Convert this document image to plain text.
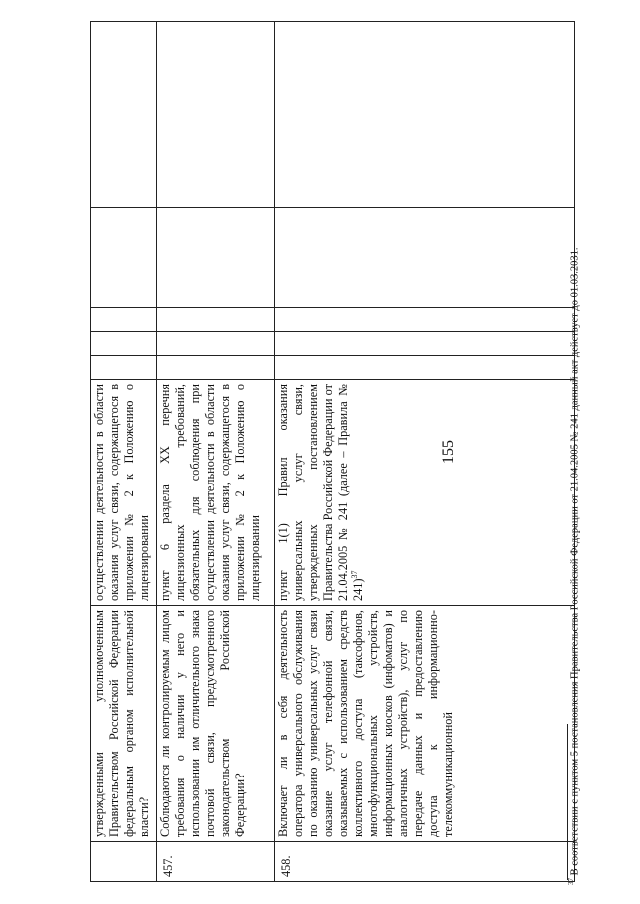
155
	утвержденными уполномоченным Правительством Российской Федерации федеральным органом исполнительной власти?	осуществлении деятельности в области оказания услуг связи, содержащегося в приложении № 2 к Положению о лицензировании					
457.	Соблюдаются ли контролируемым лицом требования о наличии у него и использовании им отличительного знака почтовой связи, предусмотренного законодательством Российской Федерации?	пункт 6 раздела XX перечня лицензионных требований, обязательных для соблюдения при осуществлении деятельности в области оказания услуг связи, содержащегося в приложении № 2 к Положению о лицензировании					
458.	Включает ли в себя деятельность оператора универсального обслуживания по оказанию универсальных услуг связи оказание услуг телефонной связи, оказываемых с использованием средств коллективного доступа (таксофонов, многофункциональных устройств, информационных киосков (инфоматов) и аналогичных устройств), услуг по передаче данных и предоставлению доступа к информационно-телекоммуникационной	пункт 1(1) Правил оказания универсальных услуг связи, утвержденных постановлением Правительства Российской Федерации от 21.04.2005 № 241 (далее – Правила № 241)$^{37}$					
$^{37}$ В соответствии с пунктом 5 постановления Правительства Российской Федерации от 21.04.2005 № 241 данный акт действует до 01.03.2031.
